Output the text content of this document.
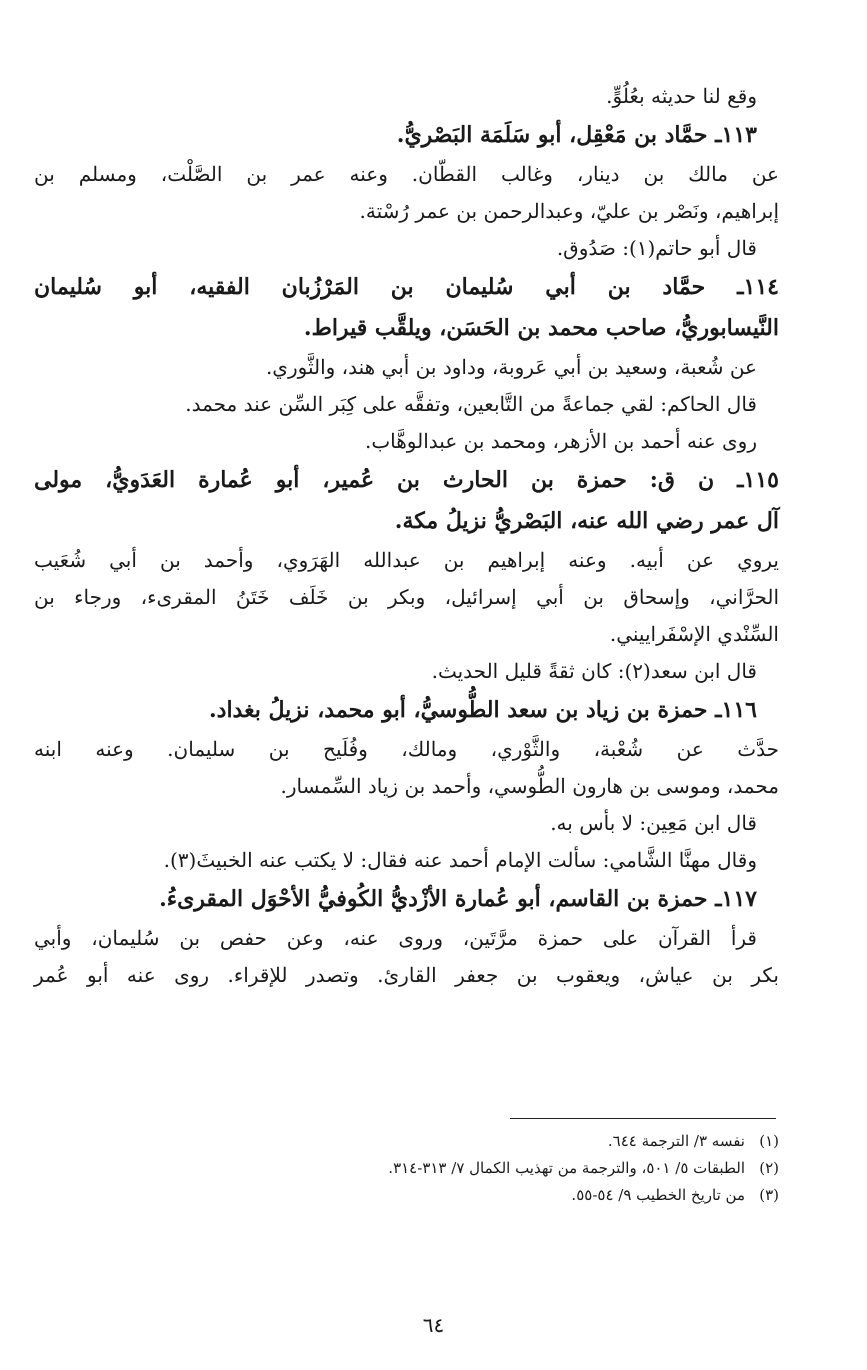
وقع لنا حديثه بعُلُوٍّ.
١١٣ـ حمَّاد بن مَعْقِل، أبو سَلَمَة البَصْريُّ.
عن مالك بن دينار، وغالب القطّان. وعنه عمر بن الصَّلْت، ومسلم بن
إبراهيم، ونَصْر بن عليّ، وعبدالرحمن بن عمر رُسْتة.
قال أبو حاتم(١): صَدُوق.
١١٤ـ حمَّاد بن أبي سُليمان بن المَرْزُبان الفقيه، أبو سُليمان
النَّيسابوريُّ، صاحب محمد بن الحَسَن، ويلقَّب قيراط.
عن شُعبة، وسعيد بن أبي عَروبة، وداود بن أبي هند، والثَّوري.
قال الحاكم: لقي جماعةً من التَّابعين، وتفقَّه على كِبَر السِّن عند محمد.
روى عنه أحمد بن الأزهر، ومحمد بن عبدالوهَّاب.
١١٥ـ ن ق: حمزة بن الحارث بن عُمير، أبو عُمارة العَدَويُّ، مولى
آل عمر رضي الله عنه، البَصْريُّ نزيلُ مكة.
يروي عن أبيه. وعنه إبراهيم بن عبدالله الهَرَوي، وأحمد بن أبي شُعَيب
الحرَّاني، وإسحاق بن أبي إسرائيل، وبكر بن خَلَف خَتَنُ المقرىء، ورجاء بن
السِّنْدي الإسْفَراييني.
قال ابن سعد(٢): كان ثقةً قليل الحديث.
١١٦ـ حمزة بن زياد بن سعد الطُّوسيُّ، أبو محمد، نزيلُ بغداد.
حدَّث عن شُعْبة، والثَّوْري، ومالك، وفُلَيح بن سليمان. وعنه ابنه
محمد، وموسى بن هارون الطُّوسي، وأحمد بن زياد السِّمسار.
قال ابن مَعِين: لا بأس به.
وقال مهنَّا الشَّامي: سألت الإمام أحمد عنه فقال: لا يكتب عنه الخبيثَ(٣).
١١٧ـ حمزة بن القاسم، أبو عُمارة الأزْديُّ الكُوفيُّ الأحْوَل المقرىءُ.
قرأ القرآن على حمزة مرَّتَين، وروى عنه، وعن حفص بن سُليمان، وأبي
بكر بن عياش، ويعقوب بن جعفر القارئ. وتصدر للإقراء. روى عنه أبو عُمر
(١)نفسه ٣/ الترجمة ٦٤٤.
(٢)الطبقات ٥/ ٥٠١، والترجمة من تهذيب الكمال ٧/ ٣١٣-٣١٤.
(٣)من تاريخ الخطيب ٩/ ٥٤-٥٥.
٦٤
